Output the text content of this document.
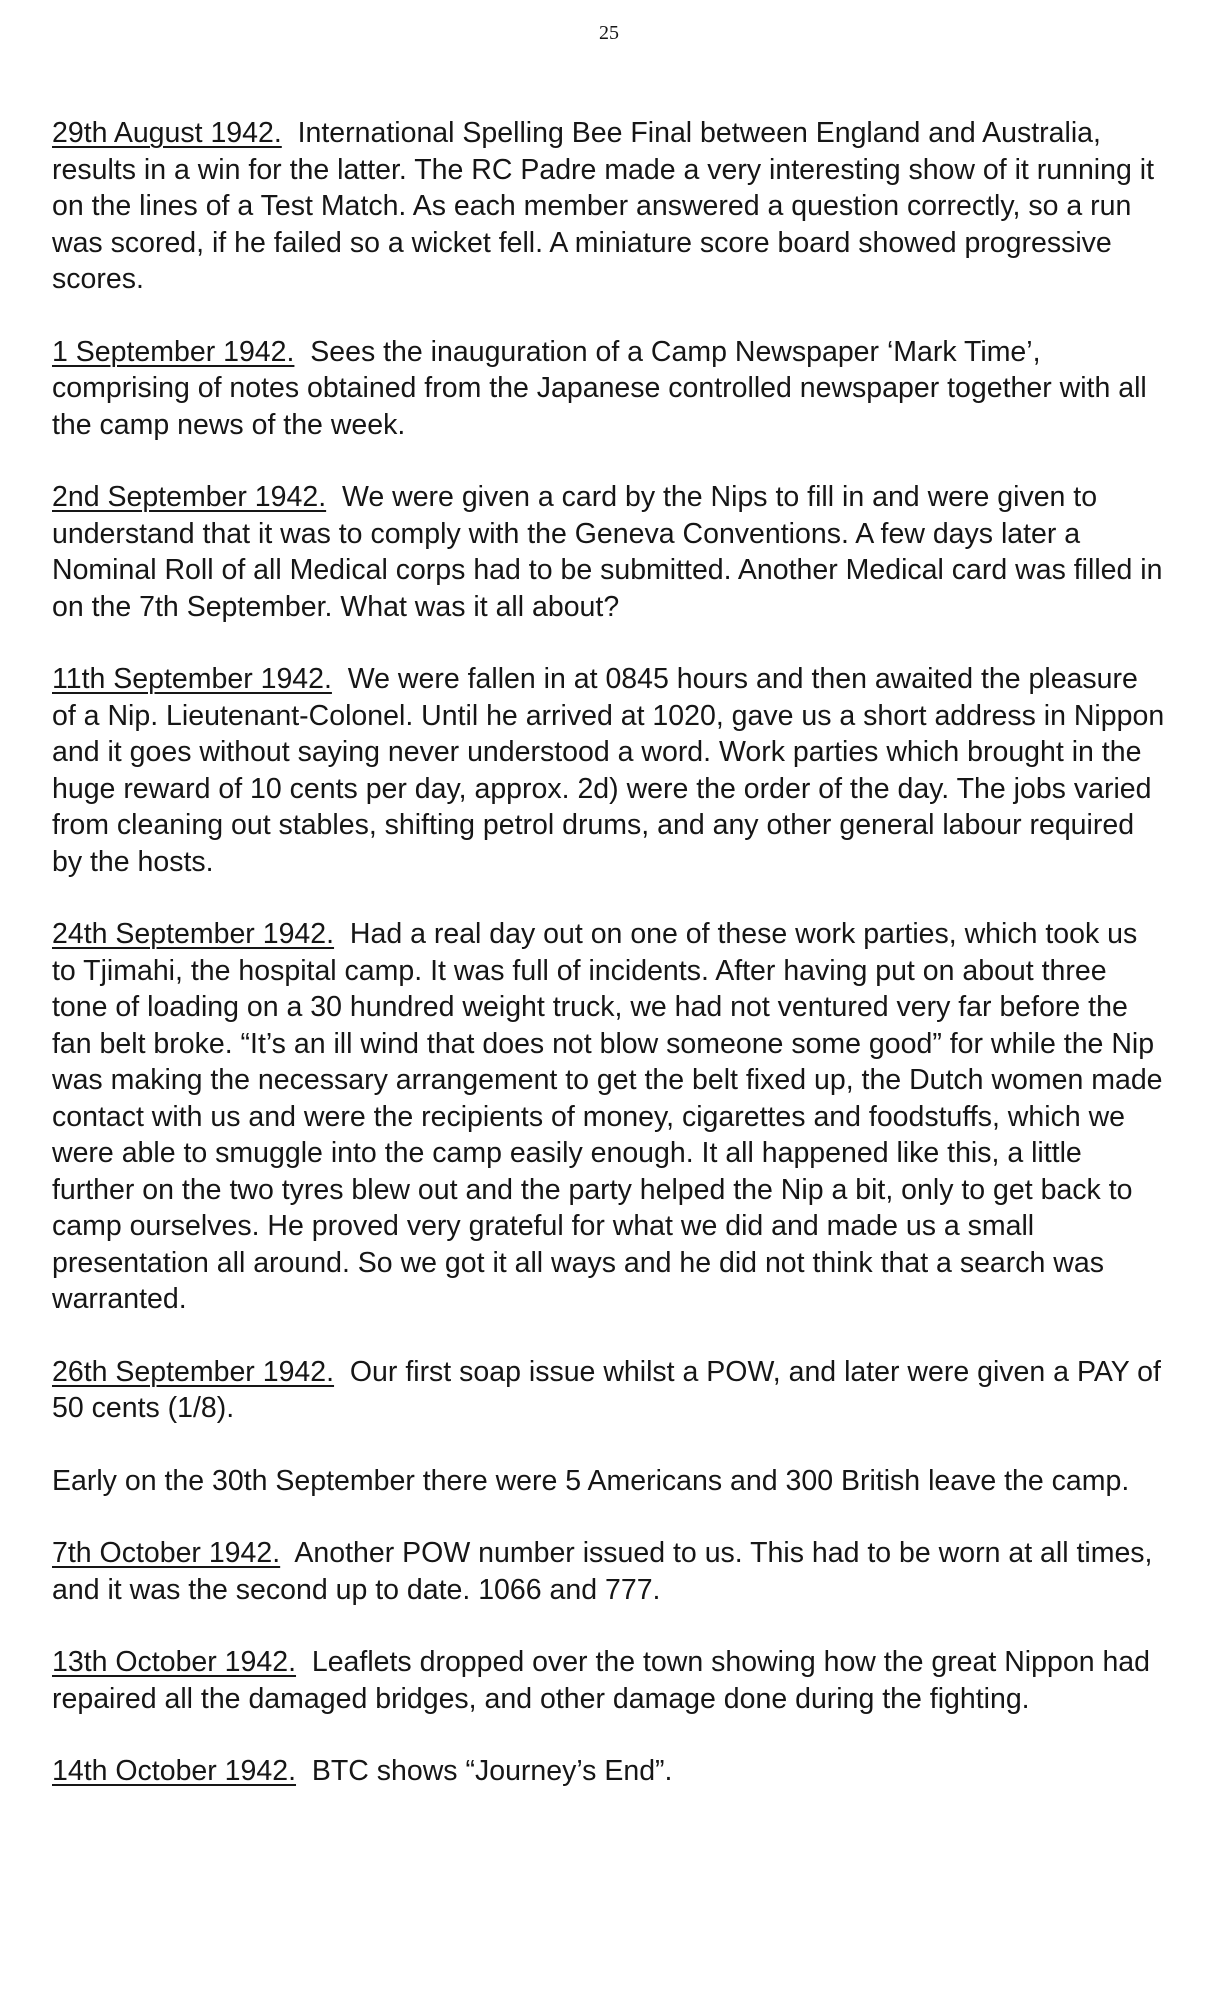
25

29th August 1942. International Spelling Bee Final between England and Australia, results in a win for the latter. The RC Padre made a very interesting show of it running it on the lines of a Test Match. As each member answered a question correctly, so a run was scored, if he failed so a wicket fell. A miniature score board showed progressive scores.

1 September 1942. Sees the inauguration of a Camp Newspaper ‘Mark Time’, comprising of notes obtained from the Japanese controlled newspaper together with all the camp news of the week.

2nd September 1942. We were given a card by the Nips to fill in and were given to understand that it was to comply with the Geneva Conventions. A few days later a Nominal Roll of all Medical corps had to be submitted. Another Medical card was filled in on the 7th September. What was it all about?

11th September 1942. We were fallen in at 0845 hours and then awaited the pleasure of a Nip. Lieutenant-Colonel. Until he arrived at 1020, gave us a short address in Nippon and it goes without saying never understood a word. Work parties which brought in the huge reward of 10 cents per day, approx. 2d) were the order of the day. The jobs varied from cleaning out stables, shifting petrol drums, and any other general labour required by the hosts.

24th September 1942. Had a real day out on one of these work parties, which took us to Tjimahi, the hospital camp. It was full of incidents. After having put on about three tone of loading on a 30 hundred weight truck, we had not ventured very far before the fan belt broke. “It’s an ill wind that does not blow someone some good” for while the Nip was making the necessary arrangement to get the belt fixed up, the Dutch women made contact with us and were the recipients of money, cigarettes and foodstuffs, which we were able to smuggle into the camp easily enough. It all happened like this, a little further on the two tyres blew out and the party helped the Nip a bit, only to get back to camp ourselves. He proved very grateful for what we did and made us a small presentation all around. So we got it all ways and he did not think that a search was warranted.

26th September 1942. Our first soap issue whilst a POW, and later were given a PAY of 50 cents (1/8).

Early on the 30th September there were 5 Americans and 300 British leave the camp.

7th October 1942. Another POW number issued to us. This had to be worn at all times, and it was the second up to date. 1066 and 777.

13th October 1942. Leaflets dropped over the town showing how the great Nippon had repaired all the damaged bridges, and other damage done during the fighting.

14th October 1942. BTC shows “Journey’s End”.
